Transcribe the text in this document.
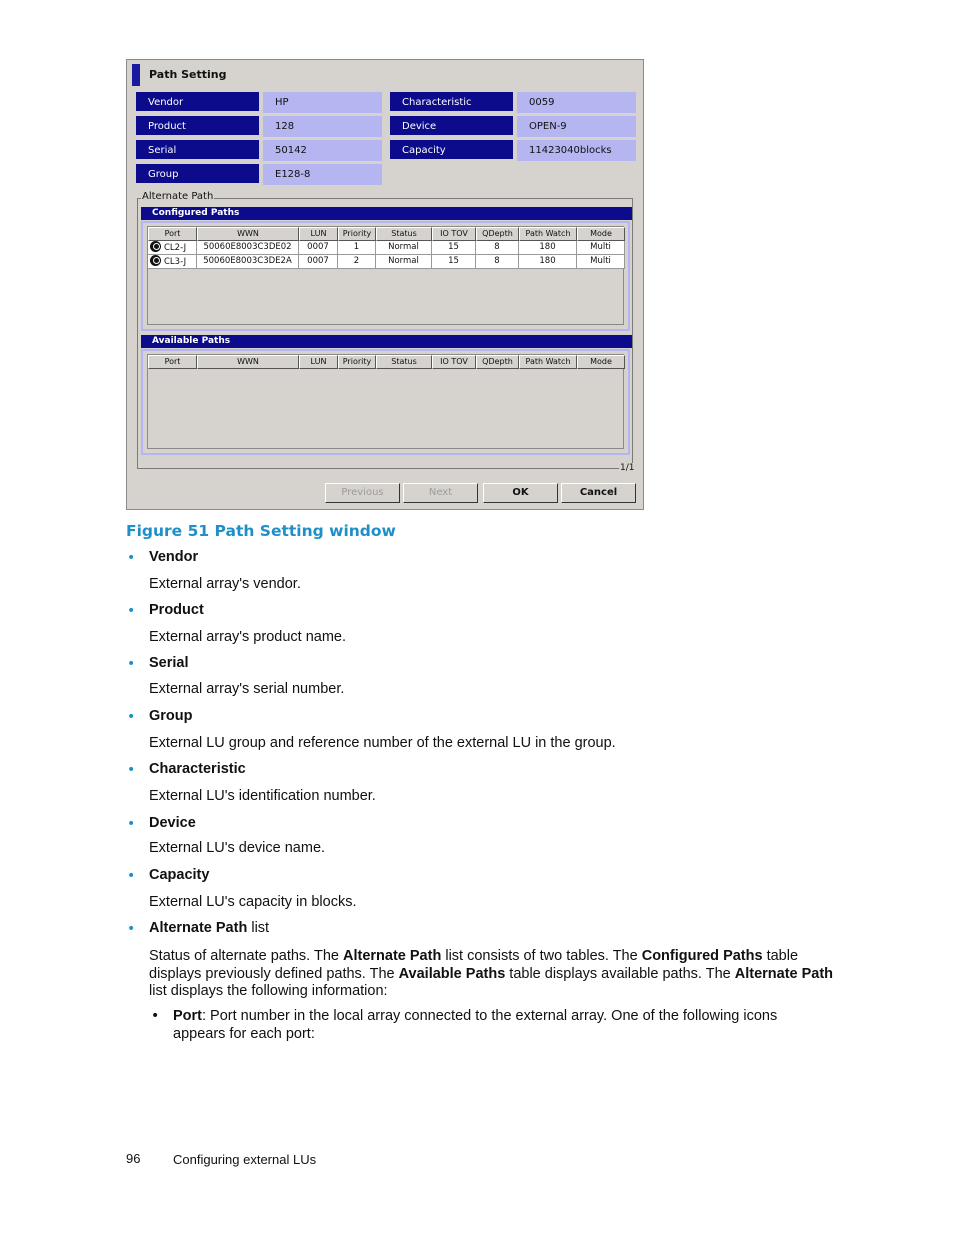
Path Setting
Vendor	HP
Product	128
Serial	50142
Group	E128-8
Characteristic	0059
Device	OPEN-9
Capacity	11423040blocks
Alternate Path
Configured Paths
Port	WWN	LUN	Priority	Status	IO TOV	QDepth	Path Watch	Mode
CL2-J	50060E8003C3DE02	0007	1	Normal	15	8	180	Multi
CL3-J	50060E8003C3DE2A	0007	2	Normal	15	8	180	Multi
Available Paths
Port	WWN	LUN	Priority	Status	IO TOV	QDepth	Path Watch	Mode
1/1
Previous	Next	OK	Cancel
Figure 51 Path Setting window
• Vendor
External array's vendor.
• Product
External array's product name.
• Serial
External array's serial number.
• Group
External LU group and reference number of the external LU in the group.
• Characteristic
External LU's identification number.
• Device
External LU's device name.
• Capacity
External LU's capacity in blocks.
• Alternate Path list
Status of alternate paths. The Alternate Path list consists of two tables. The Configured Paths table displays previously defined paths. The Available Paths table displays available paths. The Alternate Path list displays the following information:
• Port: Port number in the local array connected to the external array. One of the following icons appears for each port:
96	Configuring external LUs
